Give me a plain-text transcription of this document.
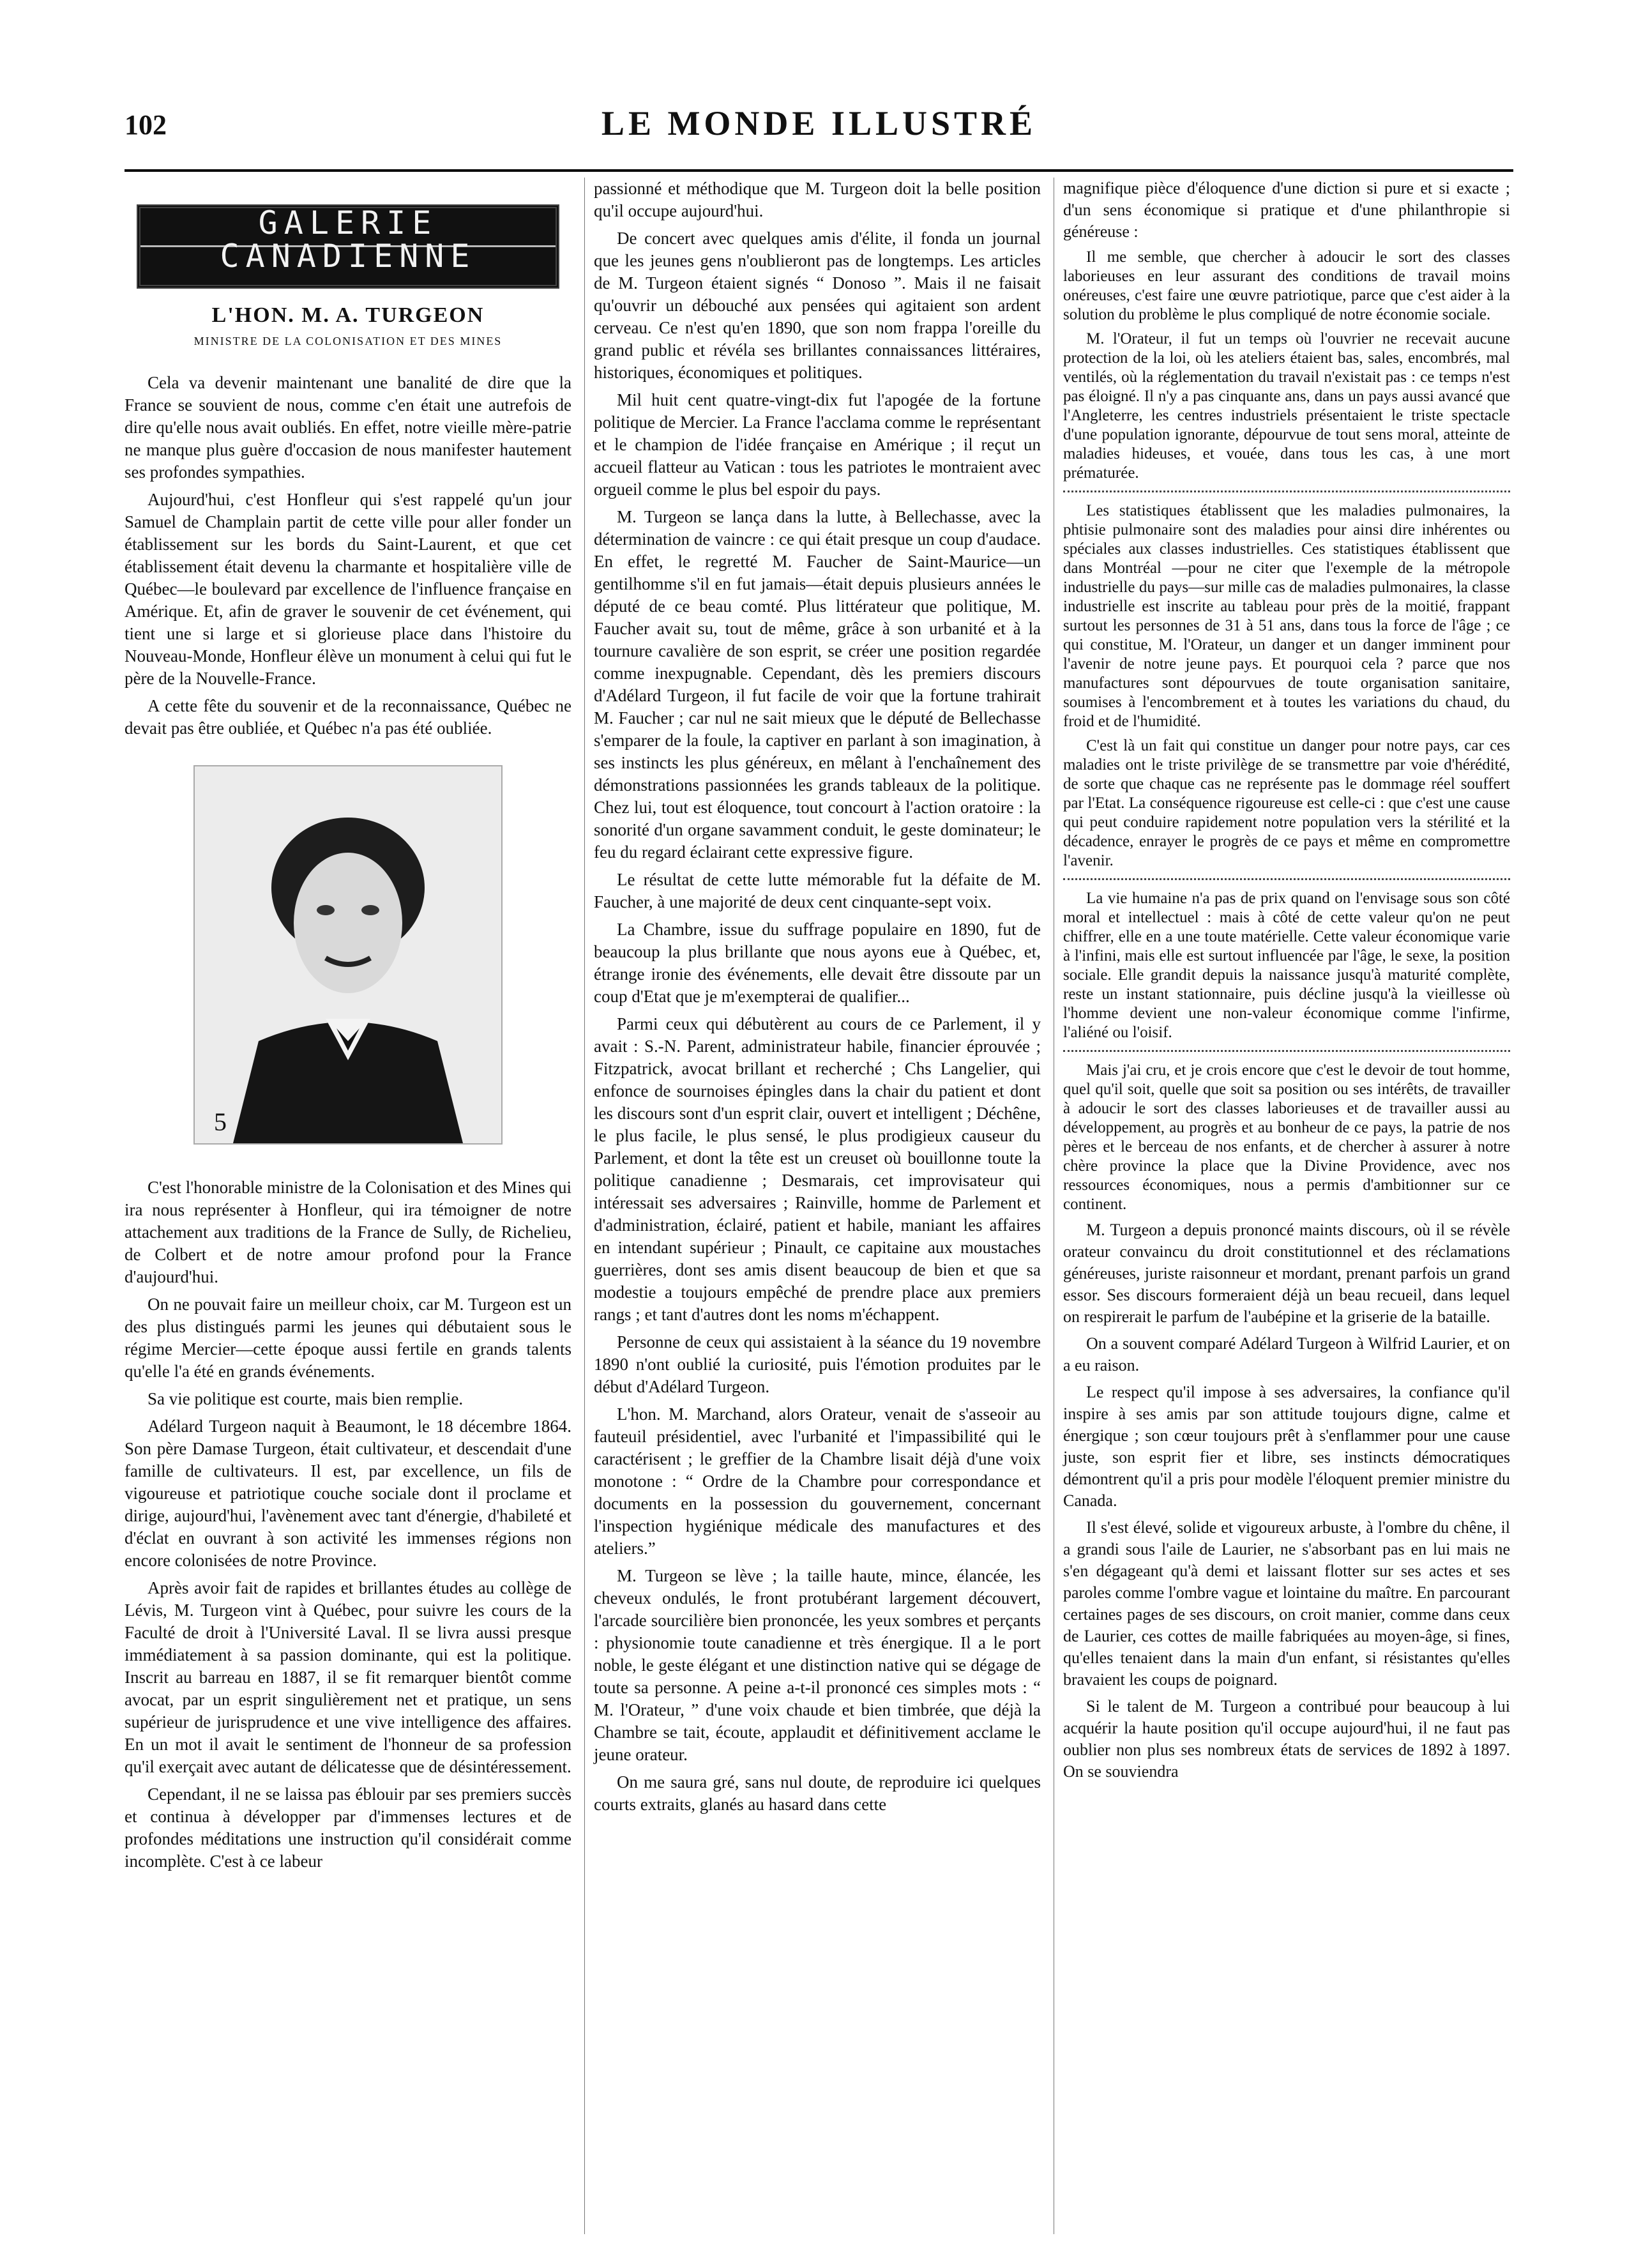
102	LE MONDE ILLUSTRÉ
GALERIE
CANADIENNE
L'HON. M. A. TURGEON
MINISTRE DE LA COLONISATION ET DES MINES

Cela va devenir maintenant une banalité de dire que la France se souvient de nous, comme c'en était une autrefois de dire qu'elle nous avait oubliés. En effet, notre vieille mère-patrie ne manque plus guère d'occasion de nous manifester hautement ses profondes sympathies.

Aujourd'hui, c'est Honfleur qui s'est rappelé qu'un jour Samuel de Champlain partit de cette ville pour aller fonder un établissement sur les bords du Saint-Laurent, et que cet établissement était devenu la charmante et hospitalière ville de Québec—le boulevard par excellence de l'influence française en Amérique. Et, afin de graver le souvenir de cet événement, qui tient une si large et si glorieuse place dans l'histoire du Nouveau-Monde, Honfleur élève un monument à celui qui fut le père de la Nouvelle-France.

A cette fête du souvenir et de la reconnaissance, Québec ne devait pas être oubliée, et Québec n'a pas été oubliée.

5

C'est l'honorable ministre de la Colonisation et des Mines qui ira nous représenter à Honfleur, qui ira témoigner de notre attachement aux traditions de la France de Sully, de Richelieu, de Colbert et de notre amour profond pour la France d'aujourd'hui.

On ne pouvait faire un meilleur choix, car M. Turgeon est un des plus distingués parmi les jeunes qui débutaient sous le régime Mercier—cette époque aussi fertile en grands talents qu'elle l'a été en grands événements.

Sa vie politique est courte, mais bien remplie.

Adélard Turgeon naquit à Beaumont, le 18 décembre 1864. Son père Damase Turgeon, était cultivateur, et descendait d'une famille de cultivateurs. Il est, par excellence, un fils de vigoureuse et patriotique couche sociale dont il proclame et dirige, aujourd'hui, l'avènement avec tant d'énergie, d'habileté et d'éclat en ouvrant à son activité les immenses régions non encore colonisées de notre Province.

Après avoir fait de rapides et brillantes études au collège de Lévis, M. Turgeon vint à Québec, pour suivre les cours de la Faculté de droit à l'Université Laval. Il se livra aussi presque immédiatement à sa passion dominante, qui est la politique. Inscrit au barreau en 1887, il se fit remarquer bientôt comme avocat, par un esprit singulièrement net et pratique, un sens supérieur de jurisprudence et une vive intelligence des affaires. En un mot il avait le sentiment de l'honneur de sa profession qu'il exerçait avec autant de délicatesse que de désintéressement.

Cependant, il ne se laissa pas éblouir par ses premiers succès et continua à développer par d'immenses lectures et de profondes méditations une instruction qu'il considérait comme incomplète. C'est à ce labeur

passionné et méthodique que M. Turgeon doit la belle position qu'il occupe aujourd'hui.

De concert avec quelques amis d'élite, il fonda un journal que les jeunes gens n'oublieront pas de longtemps. Les articles de M. Turgeon étaient signés “ Donoso ”. Mais il ne faisait qu'ouvrir un débouché aux pensées qui agitaient son ardent cerveau. Ce n'est qu'en 1890, que son nom frappa l'oreille du grand public et révéla ses brillantes connaissances littéraires, historiques, économiques et politiques.

Mil huit cent quatre-vingt-dix fut l'apogée de la fortune politique de Mercier. La France l'acclama comme le représentant et le champion de l'idée française en Amérique ; il reçut un accueil flatteur au Vatican : tous les patriotes le montraient avec orgueil comme le plus bel espoir du pays.

M. Turgeon se lança dans la lutte, à Bellechasse, avec la détermination de vaincre : ce qui était presque un coup d'audace. En effet, le regretté M. Faucher de Saint-Maurice—un gentilhomme s'il en fut jamais—était depuis plusieurs années le député de ce beau comté. Plus littérateur que politique, M. Faucher avait su, tout de même, grâce à son urbanité et à la tournure cavalière de son esprit, se créer une position regardée comme inexpugnable. Cependant, dès les premiers discours d'Adélard Turgeon, il fut facile de voir que la fortune trahirait M. Faucher ; car nul ne sait mieux que le député de Bellechasse s'emparer de la foule, la captiver en parlant à son imagination, à ses instincts les plus généreux, en mêlant à l'enchaînement des démonstrations passionnées les grands tableaux de la politique. Chez lui, tout est éloquence, tout concourt à l'action oratoire : la sonorité d'un organe savamment conduit, le geste dominateur; le feu du regard éclairant cette expressive figure.

Le résultat de cette lutte mémorable fut la défaite de M. Faucher, à une majorité de deux cent cinquante-sept voix.

La Chambre, issue du suffrage populaire en 1890, fut de beaucoup la plus brillante que nous ayons eue à Québec, et, étrange ironie des événements, elle devait être dissoute par un coup d'Etat que je m'exempterai de qualifier...

Parmi ceux qui débutèrent au cours de ce Parlement, il y avait : S.-N. Parent, administrateur habile, financier éprouvée ; Fitzpatrick, avocat brillant et recherché ; Chs Langelier, qui enfonce de sournoises épingles dans la chair du patient et dont les discours sont d'un esprit clair, ouvert et intelligent ; Déchêne, le plus facile, le plus sensé, le plus prodigieux causeur du Parlement, et dont la tête est un creuset où bouillonne toute la politique canadienne ; Desmarais, cet improvisateur qui intéressait ses adversaires ; Rainville, homme de Parlement et d'administration, éclairé, patient et habile, maniant les affaires en intendant supérieur ; Pinault, ce capitaine aux moustaches guerrières, dont ses amis disent beaucoup de bien et que sa modestie a toujours empêché de prendre place aux premiers rangs ; et tant d'autres dont les noms m'échappent.

Personne de ceux qui assistaient à la séance du 19 novembre 1890 n'ont oublié la curiosité, puis l'émotion produites par le début d'Adélard Turgeon.

L'hon. M. Marchand, alors Orateur, venait de s'asseoir au fauteuil présidentiel, avec l'urbanité et l'impassibilité qui le caractérisent ; le greffier de la Chambre lisait déjà d'une voix monotone : “ Ordre de la Chambre pour correspondance et documents en la possession du gouvernement, concernant l'inspection hygiénique médicale des manufactures et des ateliers.”

M. Turgeon se lève ; la taille haute, mince, élancée, les cheveux ondulés, le front protubérant largement découvert, l'arcade sourcilière bien prononcée, les yeux sombres et perçants : physionomie toute canadienne et très énergique. Il a le port noble, le geste élégant et une distinction native qui se dégage de toute sa personne. A peine a-t-il prononcé ces simples mots : “ M. l'Orateur, ” d'une voix chaude et bien timbrée, que déjà la Chambre se tait, écoute, applaudit et définitivement acclame le jeune orateur.

On me saura gré, sans nul doute, de reproduire ici quelques courts extraits, glanés au hasard dans cette

magnifique pièce d'éloquence d'une diction si pure et si exacte ; d'un sens économique si pratique et d'une philanthropie si généreuse :

Il me semble, que chercher à adoucir le sort des classes laborieuses en leur assurant des conditions de travail moins onéreuses, c'est faire une œuvre patriotique, parce que c'est aider à la solution du problème le plus compliqué de notre économie sociale.

M. l'Orateur, il fut un temps où l'ouvrier ne recevait aucune protection de la loi, où les ateliers étaient bas, sales, encombrés, mal ventilés, où la réglementation du travail n'existait pas : ce temps n'est pas éloigné. Il n'y a pas cinquante ans, dans un pays aussi avancé que l'Angleterre, les centres industriels présentaient le triste spectacle d'une population ignorante, dépourvue de tout sens moral, atteinte de maladies hideuses, et vouée, dans tous les cas, à une mort prématurée.

Les statistiques établissent que les maladies pulmonaires, la phtisie pulmonaire sont des maladies pour ainsi dire inhérentes ou spéciales aux classes industrielles. Ces statistiques établissent que dans Montréal —pour ne citer que l'exemple de la métropole industrielle du pays—sur mille cas de maladies pulmonaires, la classe industrielle est inscrite au tableau pour près de la moitié, frappant surtout les personnes de 31 à 51 ans, dans tous la force de l'âge ; ce qui constitue, M. l'Orateur, un danger et un danger imminent pour l'avenir de notre jeune pays. Et pourquoi cela ? parce que nos manufactures sont dépourvues de toute organisation sanitaire, soumises à l'encombrement et à toutes les variations du chaud, du froid et de l'humidité.

C'est là un fait qui constitue un danger pour notre pays, car ces maladies ont le triste privilège de se transmettre par voie d'hérédité, de sorte que chaque cas ne représente pas le dommage réel souffert par l'Etat. La conséquence rigoureuse est celle-ci : que c'est une cause qui peut conduire rapidement notre population vers la stérilité et la décadence, enrayer le progrès de ce pays et même en compromettre l'avenir.

La vie humaine n'a pas de prix quand on l'envisage sous son côté moral et intellectuel : mais à côté de cette valeur qu'on ne peut chiffrer, elle en a une toute matérielle. Cette valeur économique varie à l'infini, mais elle est surtout influencée par l'âge, le sexe, la position sociale. Elle grandit depuis la naissance jusqu'à maturité complète, reste un instant stationnaire, puis décline jusqu'à la vieillesse où l'homme devient une non-valeur économique comme l'infirme, l'aliéné ou l'oisif.

Mais j'ai cru, et je crois encore que c'est le devoir de tout homme, quel qu'il soit, quelle que soit sa position ou ses intérêts, de travailler à adoucir le sort des classes laborieuses et de travailler aussi au développement, au progrès et au bonheur de ce pays, la patrie de nos pères et le berceau de nos enfants, et de chercher à assurer à notre chère province la place que la Divine Providence, avec nos ressources économiques, nous a permis d'ambitionner sur ce continent.

M. Turgeon a depuis prononcé maints discours, où il se révèle orateur convaincu du droit constitutionnel et des réclamations généreuses, juriste raisonneur et mordant, prenant parfois un grand essor. Ses discours formeraient déjà un beau recueil, dans lequel on respirerait le parfum de l'aubépine et la griserie de la bataille.

On a souvent comparé Adélard Turgeon à Wilfrid Laurier, et on a eu raison.

Le respect qu'il impose à ses adversaires, la confiance qu'il inspire à ses amis par son attitude toujours digne, calme et énergique ; son cœur toujours prêt à s'enflammer pour une cause juste, son esprit fier et libre, ses instincts démocratiques démontrent qu'il a pris pour modèle l'éloquent premier ministre du Canada.

Il s'est élevé, solide et vigoureux arbuste, à l'ombre du chêne, il a grandi sous l'aile de Laurier, ne s'absorbant pas en lui mais ne s'en dégageant qu'à demi et laissant flotter sur ses actes et ses paroles comme l'ombre vague et lointaine du maître. En parcourant certaines pages de ses discours, on croit manier, comme dans ceux de Laurier, ces cottes de maille fabriquées au moyen-âge, si fines, qu'elles tenaient dans la main d'un enfant, si résistantes qu'elles bravaient les coups de poignard.

Si le talent de M. Turgeon a contribué pour beaucoup à lui acquérir la haute position qu'il occupe aujourd'hui, il ne faut pas oublier non plus ses nombreux états de services de 1892 à 1897. On se souviendra
